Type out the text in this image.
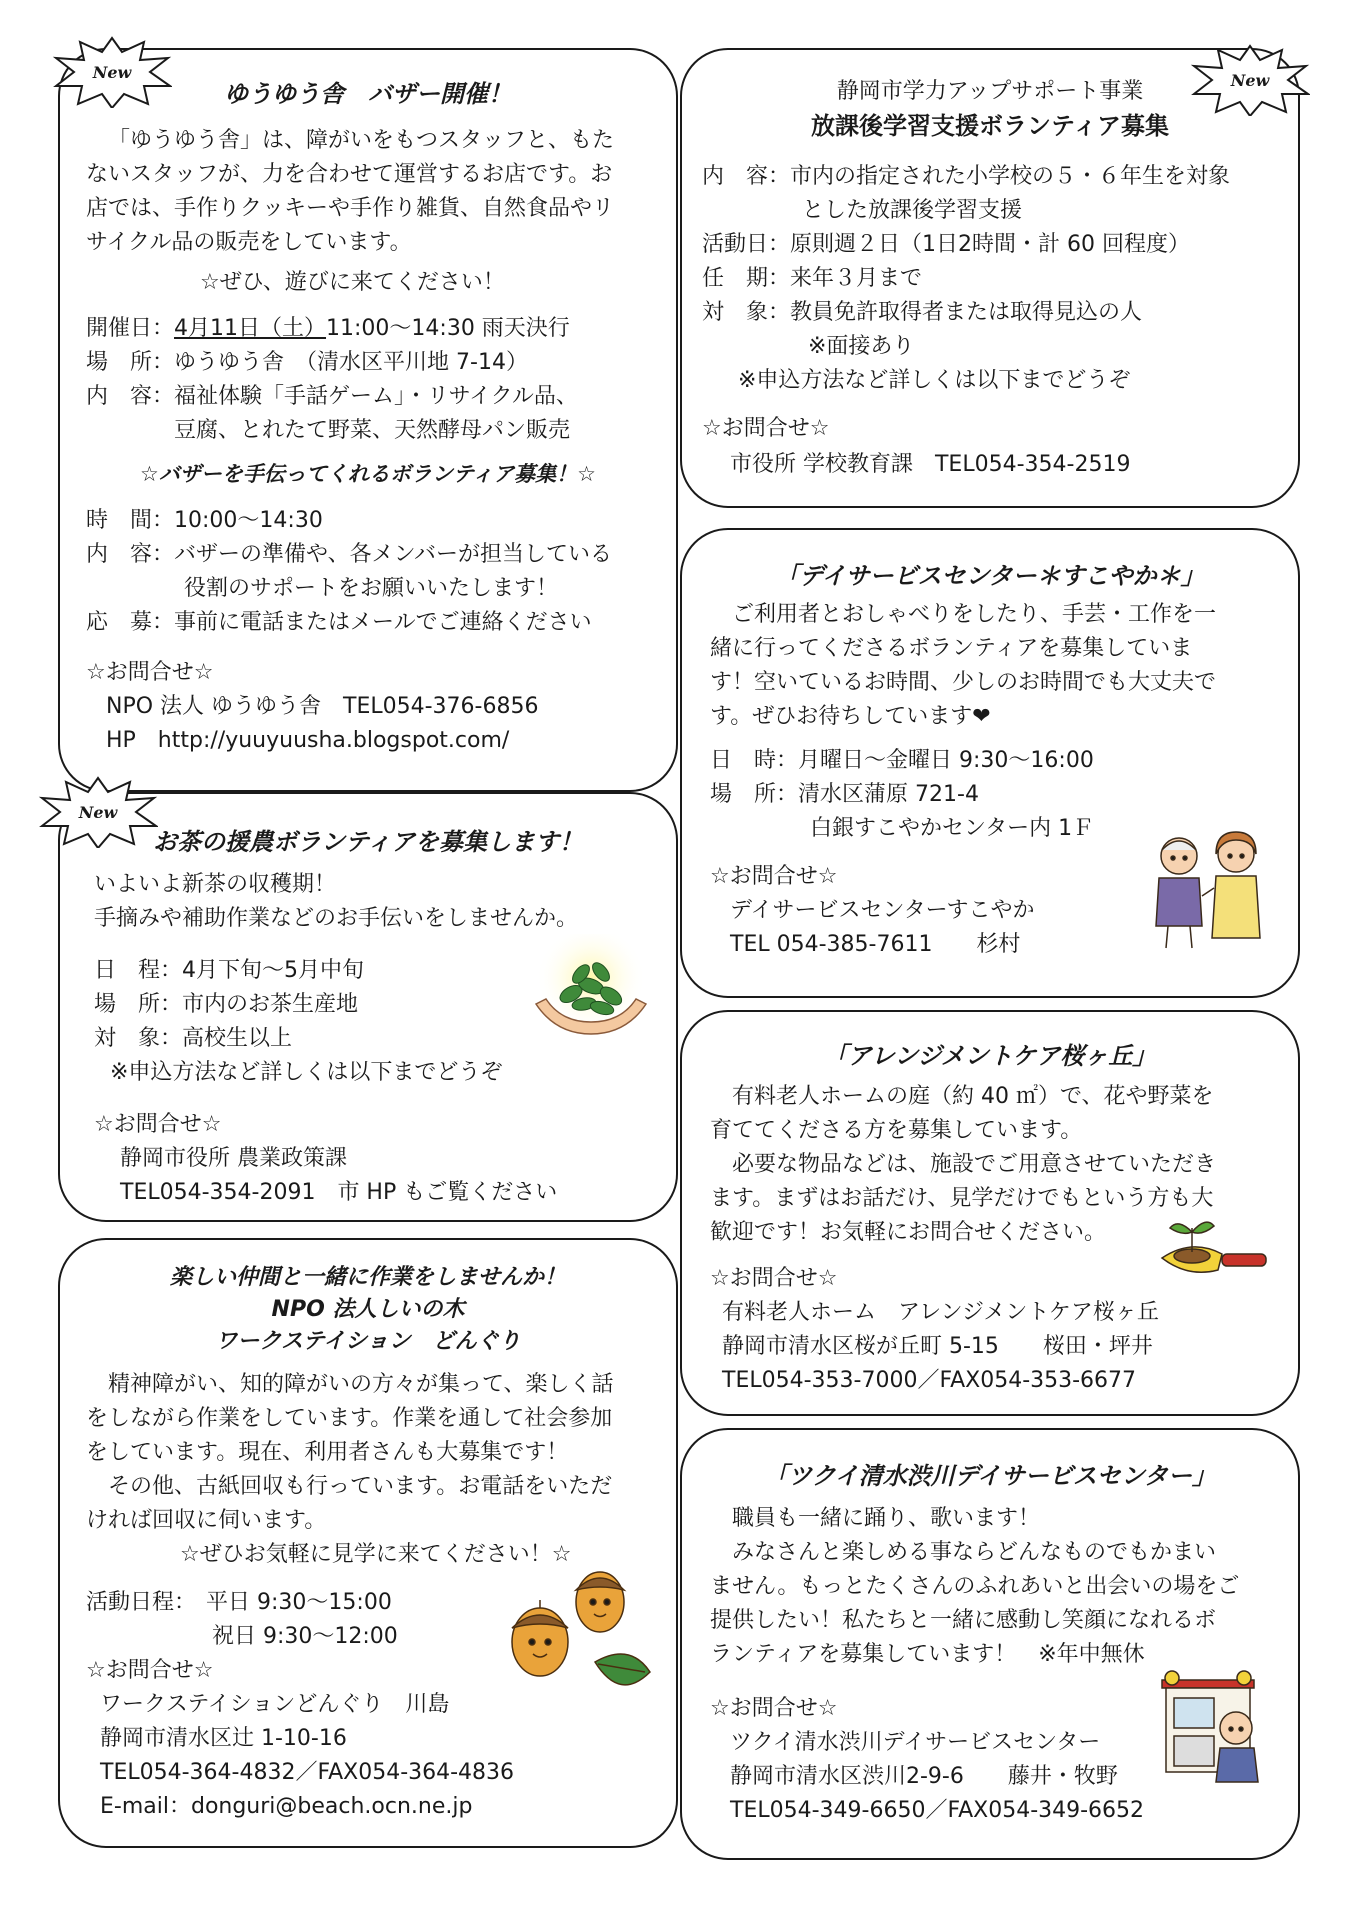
ゆうゆう舎　バザー開催！
「ゆうゆう舎」は、障がいをもつスタッフと、もた
ないスタッフが、力を合わせて運営するお店です。お
店では、手作りクッキーや手作り雑貨、自然食品やリ
サイクル品の販売をしています。
☆ぜひ、遊びに来てください！
開催日：4月11日（土）11:00～14:30 雨天決行
場　所：ゆうゆう舎　（清水区平川地 7-14）
内　容：福祉体験「手話ゲーム」・リサイクル品、
豆腐、とれたて野菜、天然酵母パン販売
☆バザーを手伝ってくれるボランティア募集！☆
時　間：10:00～14:30
内　容：バザーの準備や、各メンバーが担当している
役割のサポートをお願いいたします！
応　募：事前に電話またはメールでご連絡ください
☆お問合せ☆
NPO 法人 ゆうゆう舎　TEL054-376-6856
HP　http://yuuyuusha.blogspot.com/
お茶の援農ボランティアを募集します！
いよいよ新茶の収穫期！
手摘みや補助作業などのお手伝いをしませんか。
日　程：4月下旬～5月中旬
場　所：市内のお茶生産地
対　象：高校生以上
※申込方法など詳しくは以下までどうぞ
☆お問合せ☆
静岡市役所 農業政策課
TEL054-354-2091　市 HP もご覧ください
楽しい仲間と一緒に作業をしませんか！
NPO 法人しいの木
ワークステイション　どんぐり
精神障がい、知的障がいの方々が集って、楽しく話
をしながら作業をしています。作業を通して社会参加
をしています。現在、利用者さんも大募集です！
　その他、古紙回収も行っています。お電話をいただ
ければ回収に伺います。
☆ぜひお気軽に見学に来てください！☆
活動日程： 平日 9:30～15:00
祝日 9:30～12:00
☆お問合せ☆
ワークステイションどんぐり　川島
静岡市清水区辻 1-10-16
TEL054-364-4832／FAX054-364-4836
E-mail：donguri@beach.ocn.ne.jp
静岡市学力アップサポート事業
放課後学習支援ボランティア募集
内　容：市内の指定された小学校の５・６年生を対象
とした放課後学習支援
活動日：原則週２日（1日2時間・計 60 回程度）
任　期：来年３月まで
対　象：教員免許取得者または取得見込の人
※面接あり
※申込方法など詳しくは以下までどうぞ
☆お問合せ☆
市役所 学校教育課　TEL054-354-2519
「デイサービスセンター＊すこやか＊」
ご利用者とおしゃべりをしたり、手芸・工作を一
緒に行ってくださるボランティアを募集していま
す！空いているお時間、少しのお時間でも大丈夫で
す。ぜひお待ちしています❤
日　時：月曜日～金曜日 9:30～16:00
場　所：清水区蒲原 721-4
白銀すこやかセンター内 1Ｆ
☆お問合せ☆
デイサービスセンターすこやか
TEL 054-385-7611　　杉村
「アレンジメントケア桜ヶ丘」
有料老人ホームの庭（約 40 ㎡）で、花や野菜を
育ててくださる方を募集しています。
　必要な物品などは、施設でご用意させていただき
ます。まずはお話だけ、見学だけでもという方も大
歓迎です！お気軽にお問合せください。
☆お問合せ☆
有料老人ホーム　アレンジメントケア桜ヶ丘
静岡市清水区桜が丘町 5-15　　桜田・坪井
TEL054-353-7000／FAX054-353-6677
「ツクイ清水渋川デイサービスセンター」
職員も一緒に踊り、歌います！
　みなさんと楽しめる事ならどんなものでもかまい
ません。もっとたくさんのふれあいと出会いの場をご
提供したい！私たちと一緒に感動し笑顔になれるボ
ランティアを募集しています！　※年中無休
☆お問合せ☆
ツクイ清水渋川デイサービスセンター
静岡市清水区渋川2-9-6　　藤井・牧野
TEL054-349-6650／FAX054-349-6652
New	New
New
